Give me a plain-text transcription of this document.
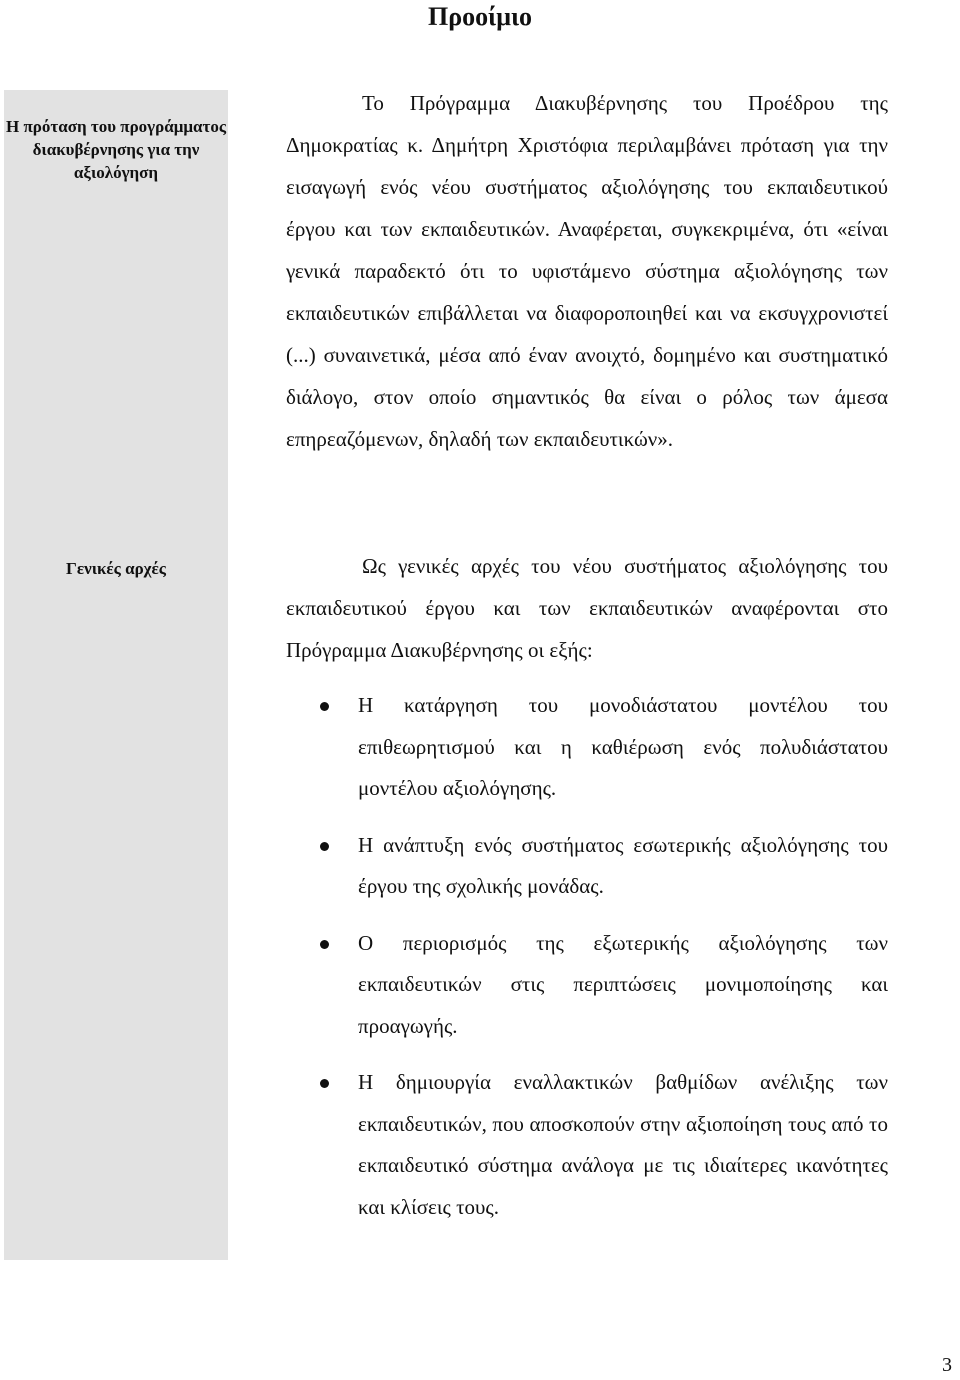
Προοίμιο
Η πρόταση του προγράμματος διακυβέρνησης για την αξιολόγηση
Γενικές αρχές

Το Πρόγραμμα Διακυβέρνησης του Προέδρου της Δημοκρατίας κ. Δημήτρη Χριστόφια περιλαμβάνει πρόταση για την εισαγωγή ενός νέου συστήματος αξιολόγησης του εκπαιδευτικού έργου και των εκπαιδευτικών. Αναφέρεται, συγκεκριμένα, ότι «είναι γενικά παραδεκτό ότι το υφιστάμενο σύστημα αξιολόγησης των εκπαιδευτικών επιβάλλεται να διαφοροποιηθεί και να εκσυγχρονιστεί (...) συναινετικά, μέσα από έναν ανοιχτό, δομημένο και συστηματικό διάλογο, στον οποίο σημαντικός θα είναι ο ρόλος των άμεσα επηρεαζόμενων, δηλαδή των εκπαιδευτικών».

Ως γενικές αρχές του νέου συστήματος αξιολόγησης του εκπαιδευτικού έργου και των εκπαιδευτικών αναφέρονται στο Πρόγραμμα Διακυβέρνησης οι εξής:

Η κατάργηση του μονοδιάστατου μοντέλου του επιθεωρητισμού και η καθιέρωση ενός πολυδιάστατου μοντέλου αξιολόγησης.
Η ανάπτυξη ενός συστήματος εσωτερικής αξιολόγησης του έργου της σχολικής μονάδας.
Ο περιορισμός της εξωτερικής αξιολόγησης των εκπαιδευτικών στις περιπτώσεις μονιμοποίησης και προαγωγής.
Η δημιουργία εναλλακτικών βαθμίδων ανέλιξης των εκπαιδευτικών, που αποσκοπούν στην αξιοποίηση τους από το εκπαιδευτικό σύστημα ανάλογα με τις ιδιαίτερες ικανότητες και κλίσεις τους.
3
